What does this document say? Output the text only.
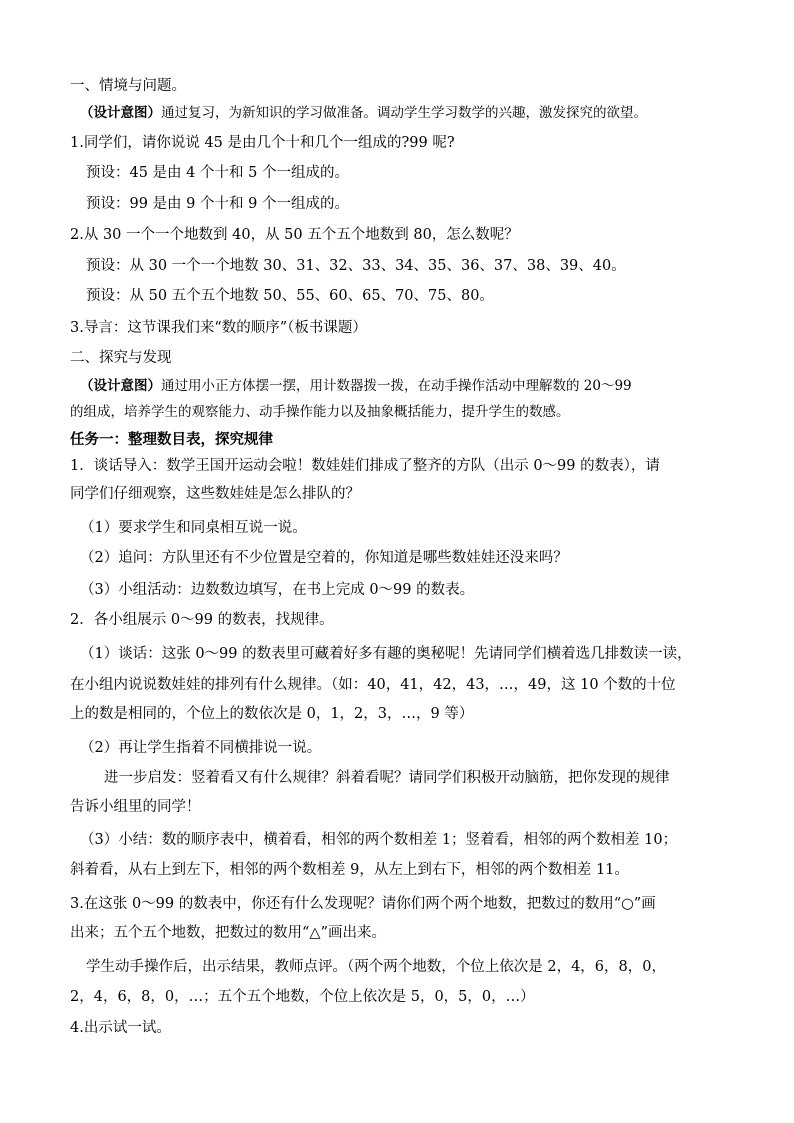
一、情境与问题。
（设计意图）通过复习，为新知识的学习做准备。调动学生学习数学的兴趣，激发探究的欲望。
1.同学们，请你说说 45 是由几个十和几个一组成的?99 呢?
预设：45 是由 4 个十和 5 个一组成的。
预设：99 是由 9 个十和 9 个一组成的。
2.从 30 一个一个地数到 40，从 50 五个五个地数到 80，怎么数呢？
预设：从 30 一个一个地数 30、31、32、33、34、35、36、37、38、39、40。
预设：从 50 五个五个地数 50、55、60、65、70、75、80。
3.导言：这节课我们来“数的顺序”（板书课题）
二、探究与发现
（设计意图）通过用小正方体摆一摆，用计数器拨一拨，在动手操作活动中理解数的 20～99
的组成，培养学生的观察能力、动手操作能力以及抽象概括能力，提升学生的数感。
任务一：整理数目表，探究规律
1．谈话导入：数学王国开运动会啦！数娃娃们排成了整齐的方队（出示 0～99 的数表），请
同学们仔细观察，这些数娃娃是怎么排队的？
（1）要求学生和同桌相互说一说。
（2）追问：方队里还有不少位置是空着的，你知道是哪些数娃娃还没来吗？
（3）小组活动：边数数边填写，在书上完成 0～99 的数表。
2．各小组展示 0～99 的数表，找规律。
（1）谈话：这张 0～99 的数表里可藏着好多有趣的奥秘呢！先请同学们横着选几排数读一读，
在小组内说说数娃娃的排列有什么规律。（如：40，41，42，43，…，49，这 10 个数的十位
上的数是相同的，个位上的数依次是 0，1，2，3，…，9 等）
（2）再让学生指着不同横排说一说。
进一步启发：竖着看又有什么规律？斜着看呢？请同学们积极开动脑筋，把你发现的规律
告诉小组里的同学！
（3）小结：数的顺序表中，横着看，相邻的两个数相差 1；竖着看，相邻的两个数相差 10；
斜着看，从右上到左下，相邻的两个数相差 9，从左上到右下，相邻的两个数相差 11。
3.在这张 0～99 的数表中，你还有什么发现呢？请你们两个两个地数，把数过的数用“○”画
出来；五个五个地数，把数过的数用“△”画出来。
学生动手操作后，出示结果，教师点评。（两个两个地数，个位上依次是 2，4，6，8，0，
2，4，6，8，0，…；五个五个地数，个位上依次是 5，0，5，0，…）
4.出示试一试。
